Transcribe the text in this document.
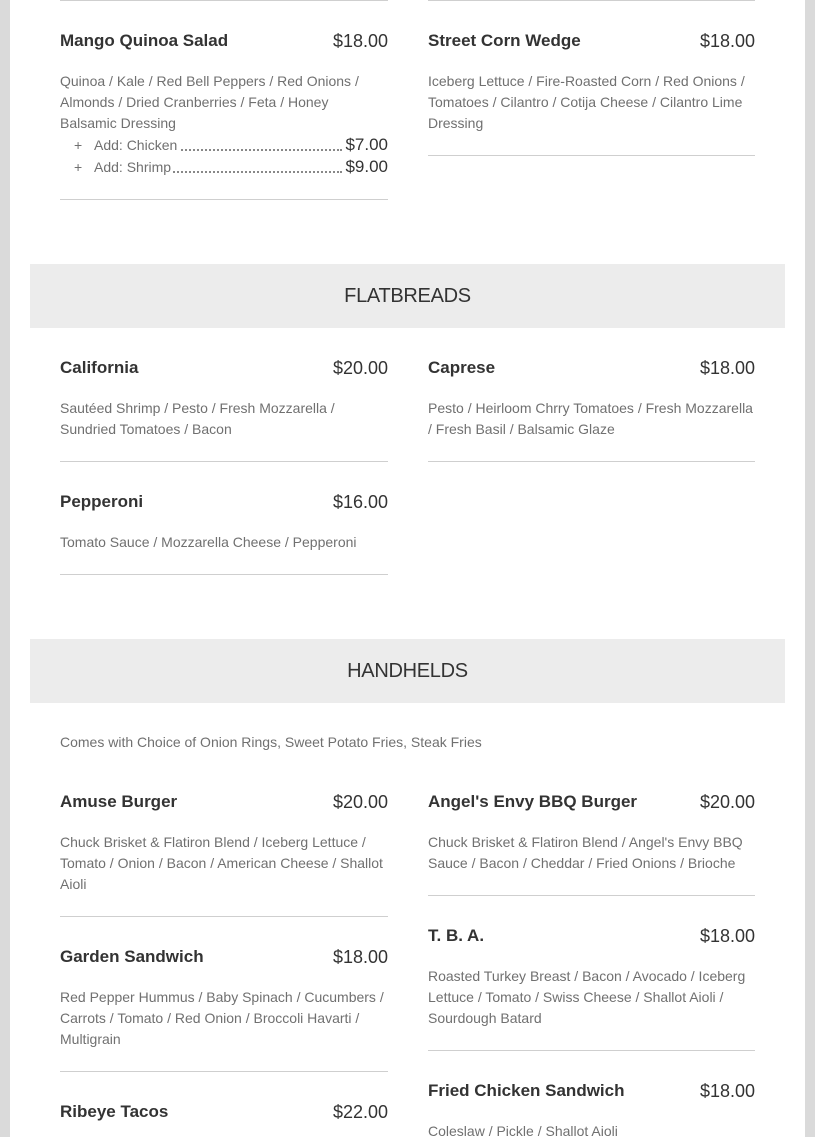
Mango Quinoa Salad	$18.00
Quinoa / Kale / Red Bell Peppers / Red Onions / Almonds / Dried Cranberries / Feta / Honey Balsamic Dressing
+ Add: Chicken	$7.00
+ Add: Shrimp	$9.00
Street Corn Wedge	$18.00
Iceberg Lettuce / Fire-Roasted Corn / Red Onions / Tomatoes / Cilantro / Cotija Cheese / Cilantro Lime Dressing
FLATBREADS
California	$20.00
Sautéed Shrimp / Pesto / Fresh Mozzarella / Sundried Tomatoes / Bacon
Caprese	$18.00
Pesto / Heirloom Chrry Tomatoes / Fresh Mozzarella / Fresh Basil / Balsamic Glaze
Pepperoni	$16.00
Tomato Sauce / Mozzarella Cheese / Pepperoni
HANDHELDS
Comes with Choice of Onion Rings, Sweet Potato Fries, Steak Fries
Amuse Burger	$20.00
Chuck Brisket & Flatiron Blend / Iceberg Lettuce / Tomato / Onion / Bacon / American Cheese / Shallot Aioli
Angel's Envy BBQ Burger	$20.00
Chuck Brisket & Flatiron Blend / Angel's Envy BBQ Sauce / Bacon / Cheddar / Fried Onions / Brioche
Garden Sandwich	$18.00
Red Pepper Hummus / Baby Spinach / Cucumbers / Carrots / Tomato / Red Onion / Broccoli Havarti / Multigrain
T. B. A.	$18.00
Roasted Turkey Breast / Bacon / Avocado / Iceberg Lettuce / Tomato / Swiss Cheese / Shallot Aioli / Sourdough Batard
Ribeye Tacos	$22.00
Fried Chicken Sandwich	$18.00
Coleslaw / Pickle / Shallot Aioli
